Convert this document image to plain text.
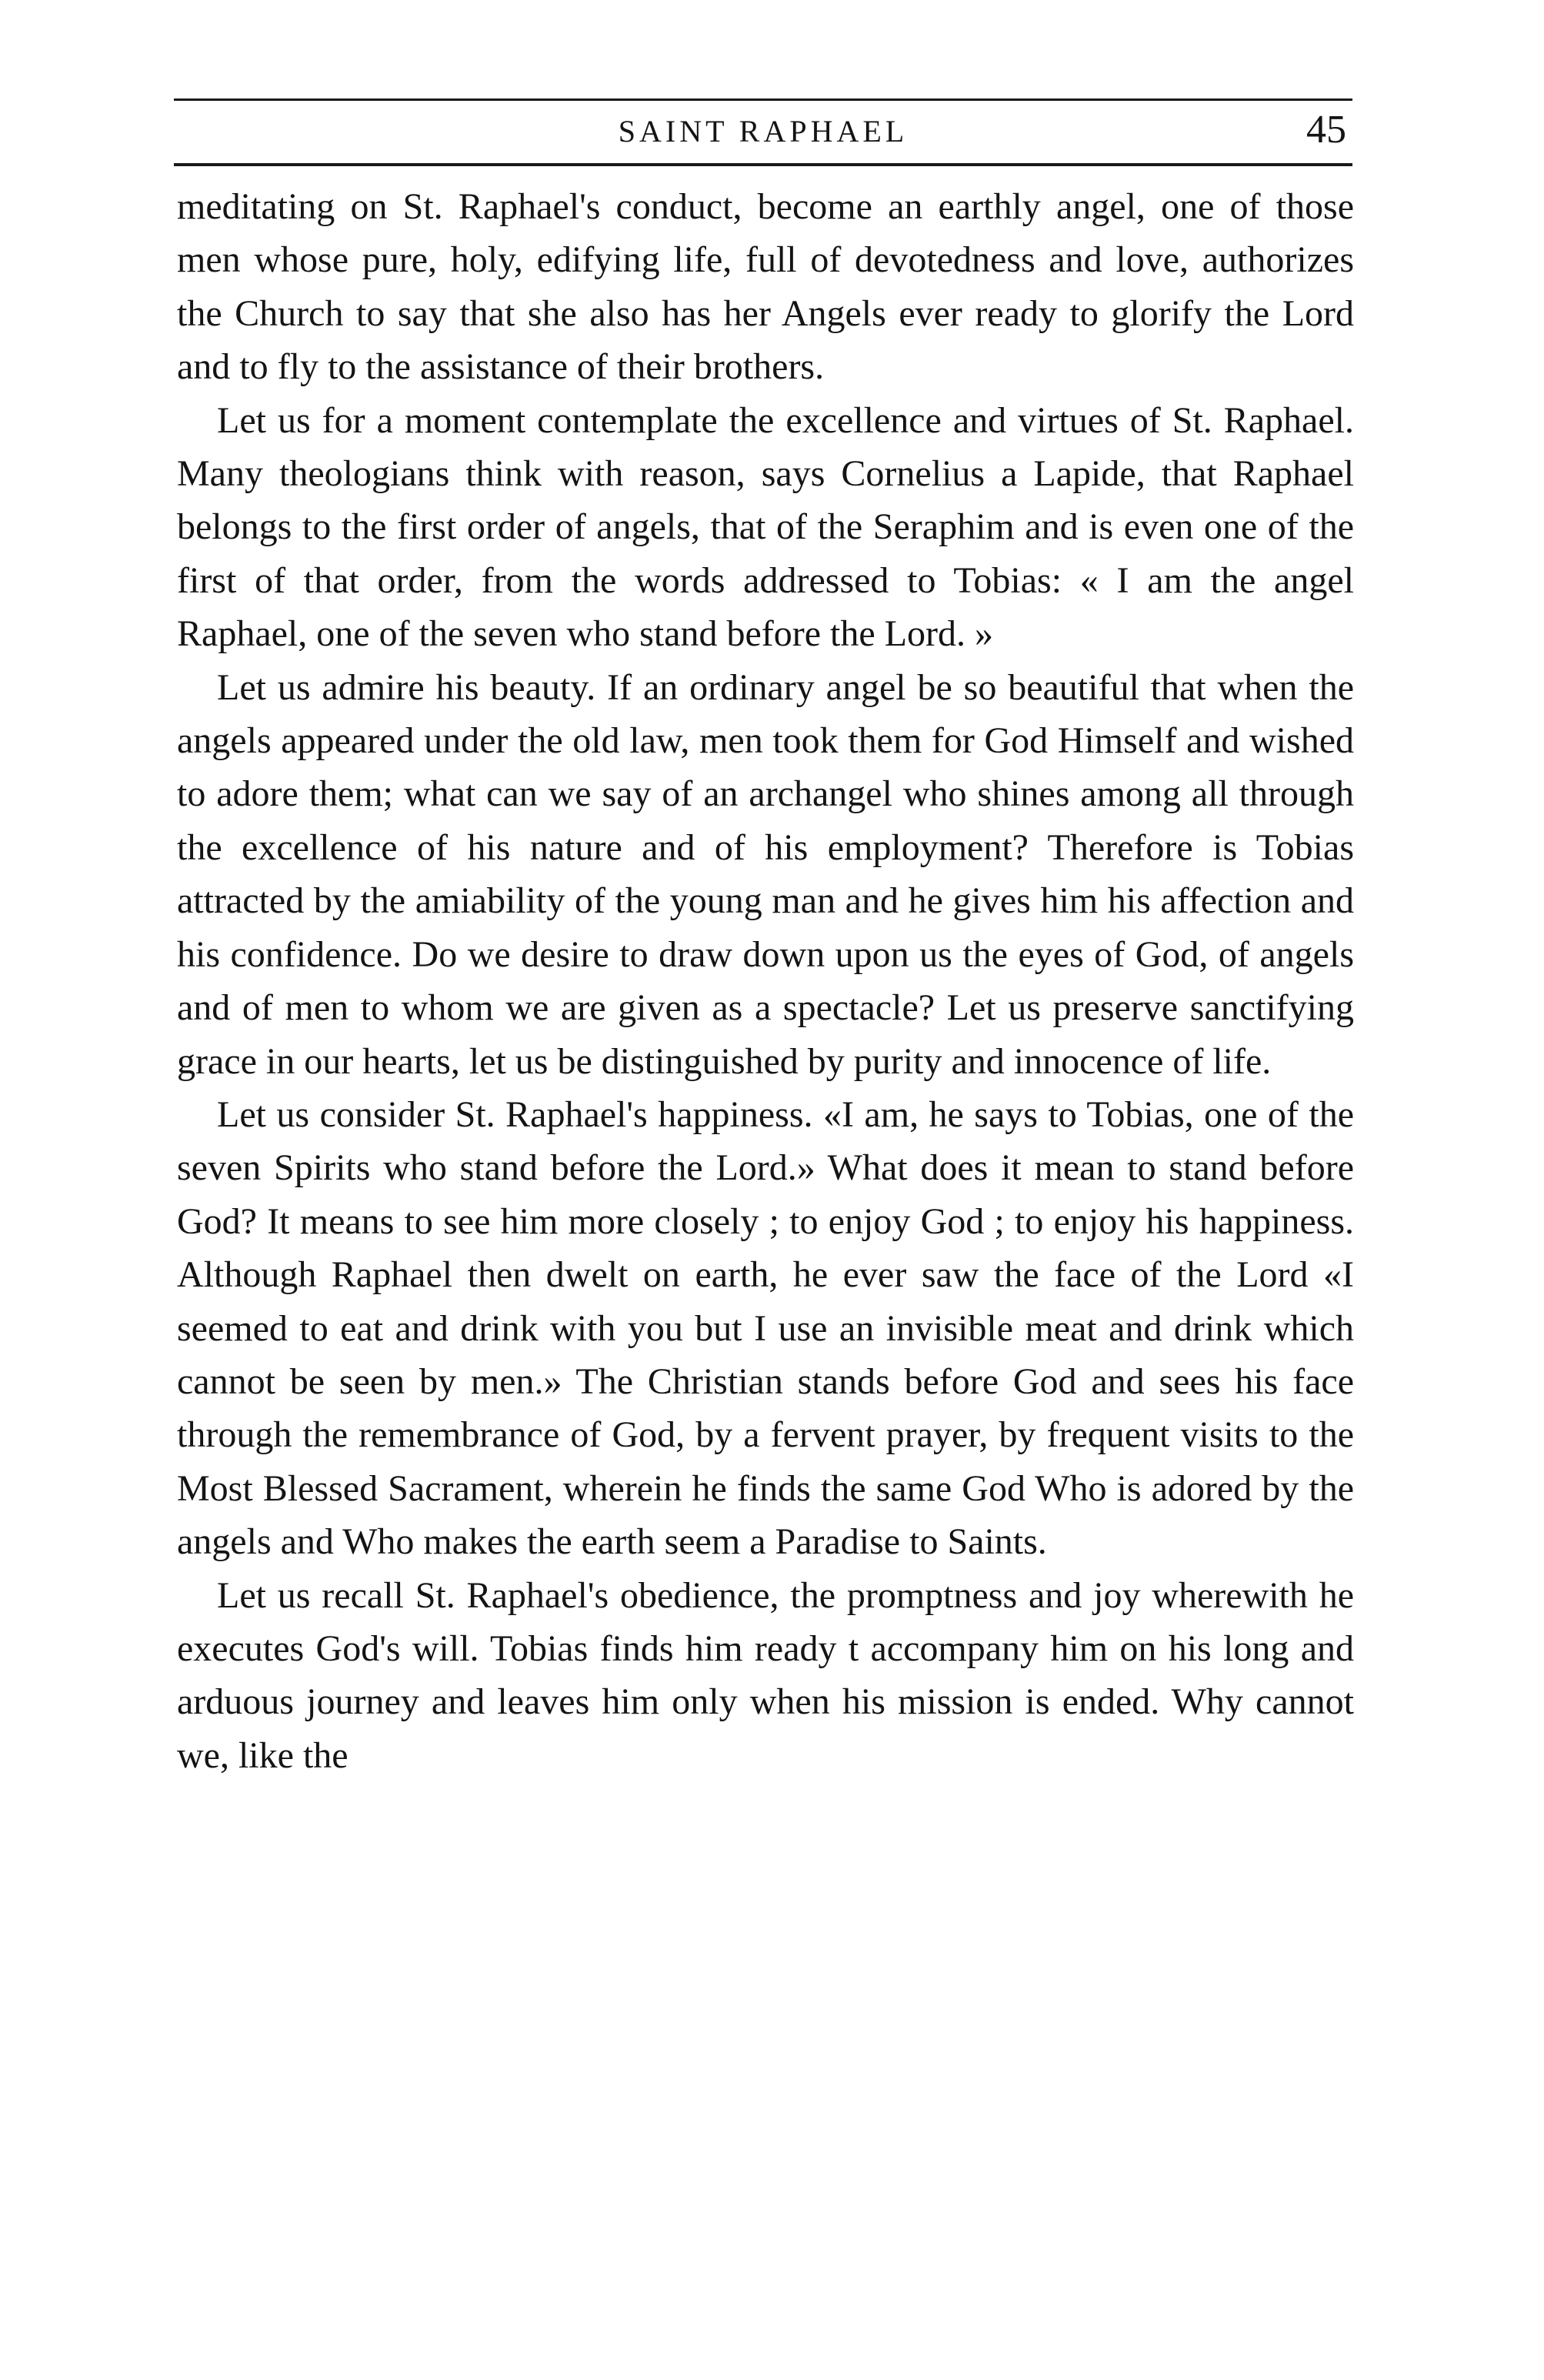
SAINT RAPHAEL	45

meditating on St. Raphael's conduct, become an earthly angel, one of those men whose pure, holy, edifying life, full of devotedness and love, authorizes the Church to say that she also has her Angels ever ready to glorify the Lord and to fly to the assistance of their brothers.

Let us for a moment contemplate the excellence and virtues of St. Raphael. Many theologians think with reason, says Cornelius a Lapide, that Raphael belongs to the first order of angels, that of the Seraphim and is even one of the first of that order, from the words addressed to Tobias: « I am the angel Raphael, one of the seven who stand before the Lord. »

Let us admire his beauty. If an ordinary angel be so beautiful that when the angels appeared under the old law, men took them for God Himself and wished to adore them; what can we say of an archangel who shines among all through the excellence of his nature and of his employment? Therefore is Tobias attracted by the amiability of the young man and he gives him his affection and his confidence. Do we desire to draw down upon us the eyes of God, of angels and of men to whom we are given as a spectacle? Let us preserve sanctifying grace in our hearts, let us be distinguished by purity and innocence of life.

Let us consider St. Raphael's happiness. «I am, he says to Tobias, one of the seven Spirits who stand before the Lord.» What does it mean to stand before God? It means to see him more closely ; to enjoy God ; to enjoy his happiness. Although Raphael then dwelt on earth, he ever saw the face of the Lord «I seemed to eat and drink with you but I use an invisible meat and drink which cannot be seen by men.» The Christian stands before God and sees his face through the remembrance of God, by a fervent prayer, by frequent visits to the Most Blessed Sacrament, wherein he finds the same God Who is adored by the angels and Who makes the earth seem a Paradise to Saints.

Let us recall St. Raphael's obedience, the promptness and joy wherewith he executes God's will. Tobias finds him ready t accompany him on his long and arduous journey and leaves him only when his mission is ended. Why cannot we, like the
